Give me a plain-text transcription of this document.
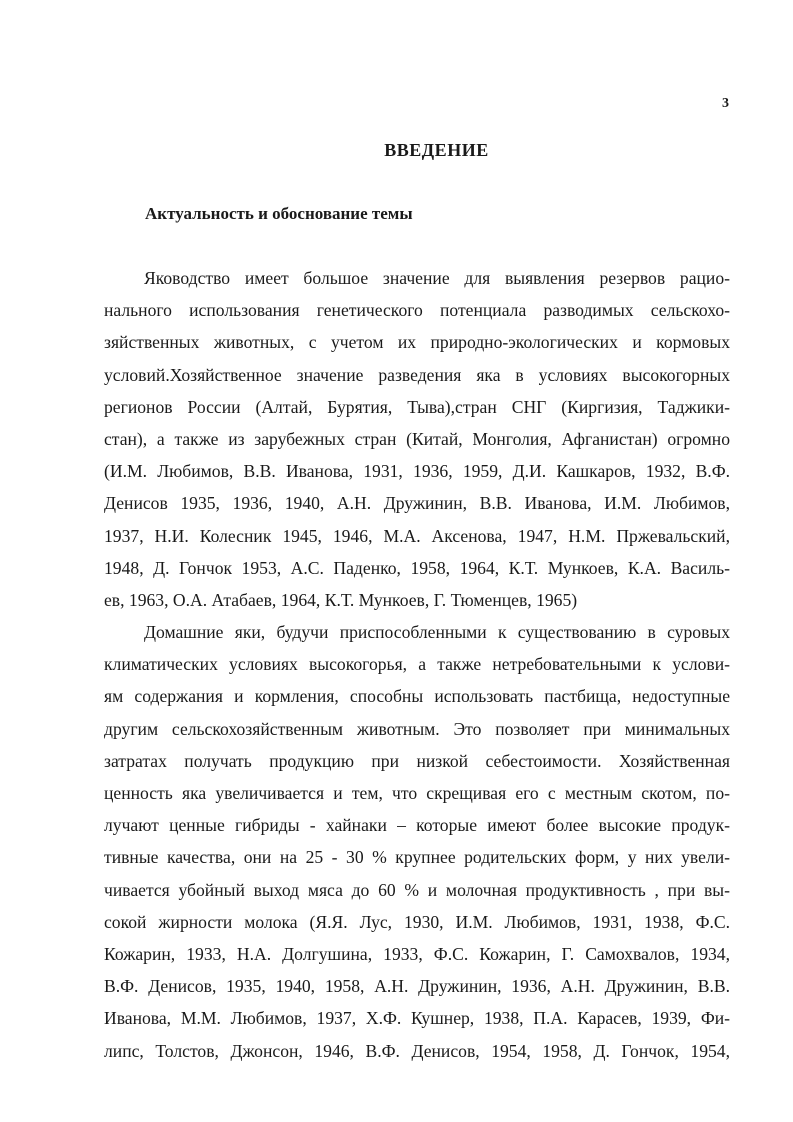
3
ВВЕДЕНИЕ
Актуальность и обоснование темы
Яководство имеет большое значение для выявления резервов рацио-
нального использования генетического потенциала разводимых сельскохо-
зяйственных животных, с учетом их природно-экологических и кормовых
условий.Хозяйственное значение разведения яка в условиях высокогорных
регионов России (Алтай, Бурятия, Тыва),стран СНГ (Киргизия, Таджики-
стан), а также из зарубежных стран (Китай, Монголия, Афганистан) огромно
(И.М. Любимов, В.В. Иванова, 1931, 1936, 1959, Д.И. Кашкаров, 1932, В.Ф.
Денисов 1935, 1936, 1940, А.Н. Дружинин, В.В. Иванова, И.М. Любимов,
1937, Н.И. Колесник 1945, 1946, М.А. Аксенова, 1947, Н.М. Пржевальский,
1948, Д. Гончок 1953, А.С. Паденко, 1958, 1964, К.Т. Мункоев, К.А. Василь-
ев, 1963, О.А. Атабаев, 1964, К.Т. Мункоев, Г. Тюменцев, 1965)
Домашние яки, будучи приспособленными к существованию в суровых
климатических условиях высокогорья, а также нетребовательными к услови-
ям содержания и кормления, способны использовать пастбища, недоступные
другим сельскохозяйственным животным. Это позволяет при минимальных
затратах получать продукцию при низкой себестоимости. Хозяйственная
ценность яка увеличивается и тем, что скрещивая его с местным скотом, по-
лучают ценные гибриды - хайнаки – которые имеют более высокие продук-
тивные качества, они на 25 - 30 % крупнее родительских форм, у них увели-
чивается убойный выход мяса до 60 % и молочная продуктивность , при вы-
сокой жирности молока (Я.Я. Лус, 1930, И.М. Любимов, 1931, 1938, Ф.С.
Кожарин, 1933, Н.А. Долгушина, 1933, Ф.С. Кожарин, Г. Самохвалов, 1934,
В.Ф. Денисов, 1935, 1940, 1958, А.Н. Дружинин, 1936, А.Н. Дружинин, В.В.
Иванова, М.М. Любимов, 1937, Х.Ф. Кушнер, 1938, П.А. Карасев, 1939, Фи-
липс, Толстов, Джонсон, 1946, В.Ф. Денисов, 1954, 1958, Д. Гончок, 1954,
